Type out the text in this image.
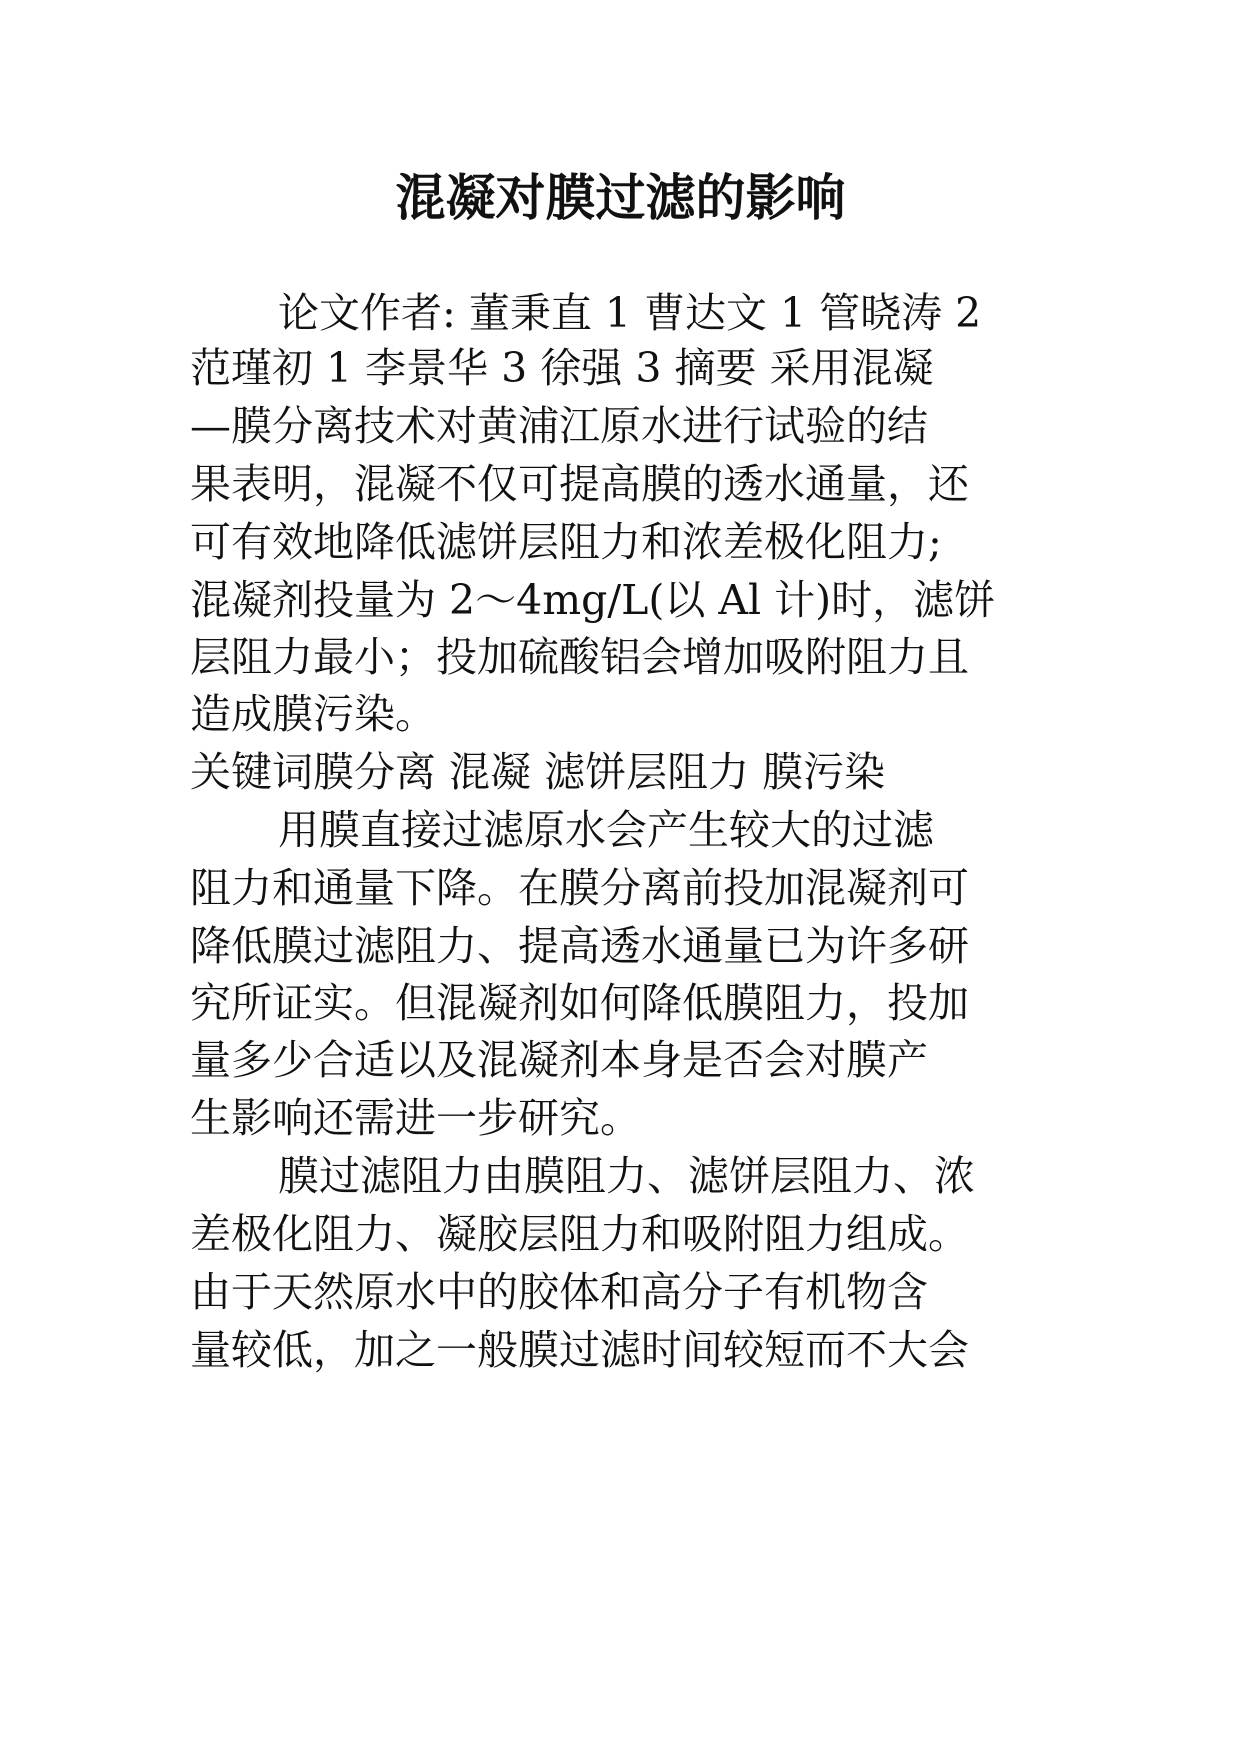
混凝对膜过滤的影响
论文作者: 董秉直 1 曹达文 1 管晓涛 2
范瑾初 1 李景华 3 徐强 3 摘要 采用混凝
—膜分离技术对黄浦江原水进行试验的结
果表明，混凝不仅可提高膜的透水通量，还
可有效地降低滤饼层阻力和浓差极化阻力;
混凝剂投量为 2～4mg/L(以 Al 计)时，滤饼
层阻力最小；投加硫酸铝会增加吸附阻力且
造成膜污染。
关键词膜分离 混凝 滤饼层阻力 膜污染
用膜直接过滤原水会产生较大的过滤
阻力和通量下降。在膜分离前投加混凝剂可
降低膜过滤阻力、提高透水通量已为许多研
究所证实。但混凝剂如何降低膜阻力，投加
量多少合适以及混凝剂本身是否会对膜产
生影响还需进一步研究。
膜过滤阻力由膜阻力、滤饼层阻力、浓
差极化阻力、凝胶层阻力和吸附阻力组成。
由于天然原水中的胶体和高分子有机物含
量较低，加之一般膜过滤时间较短而不大会
